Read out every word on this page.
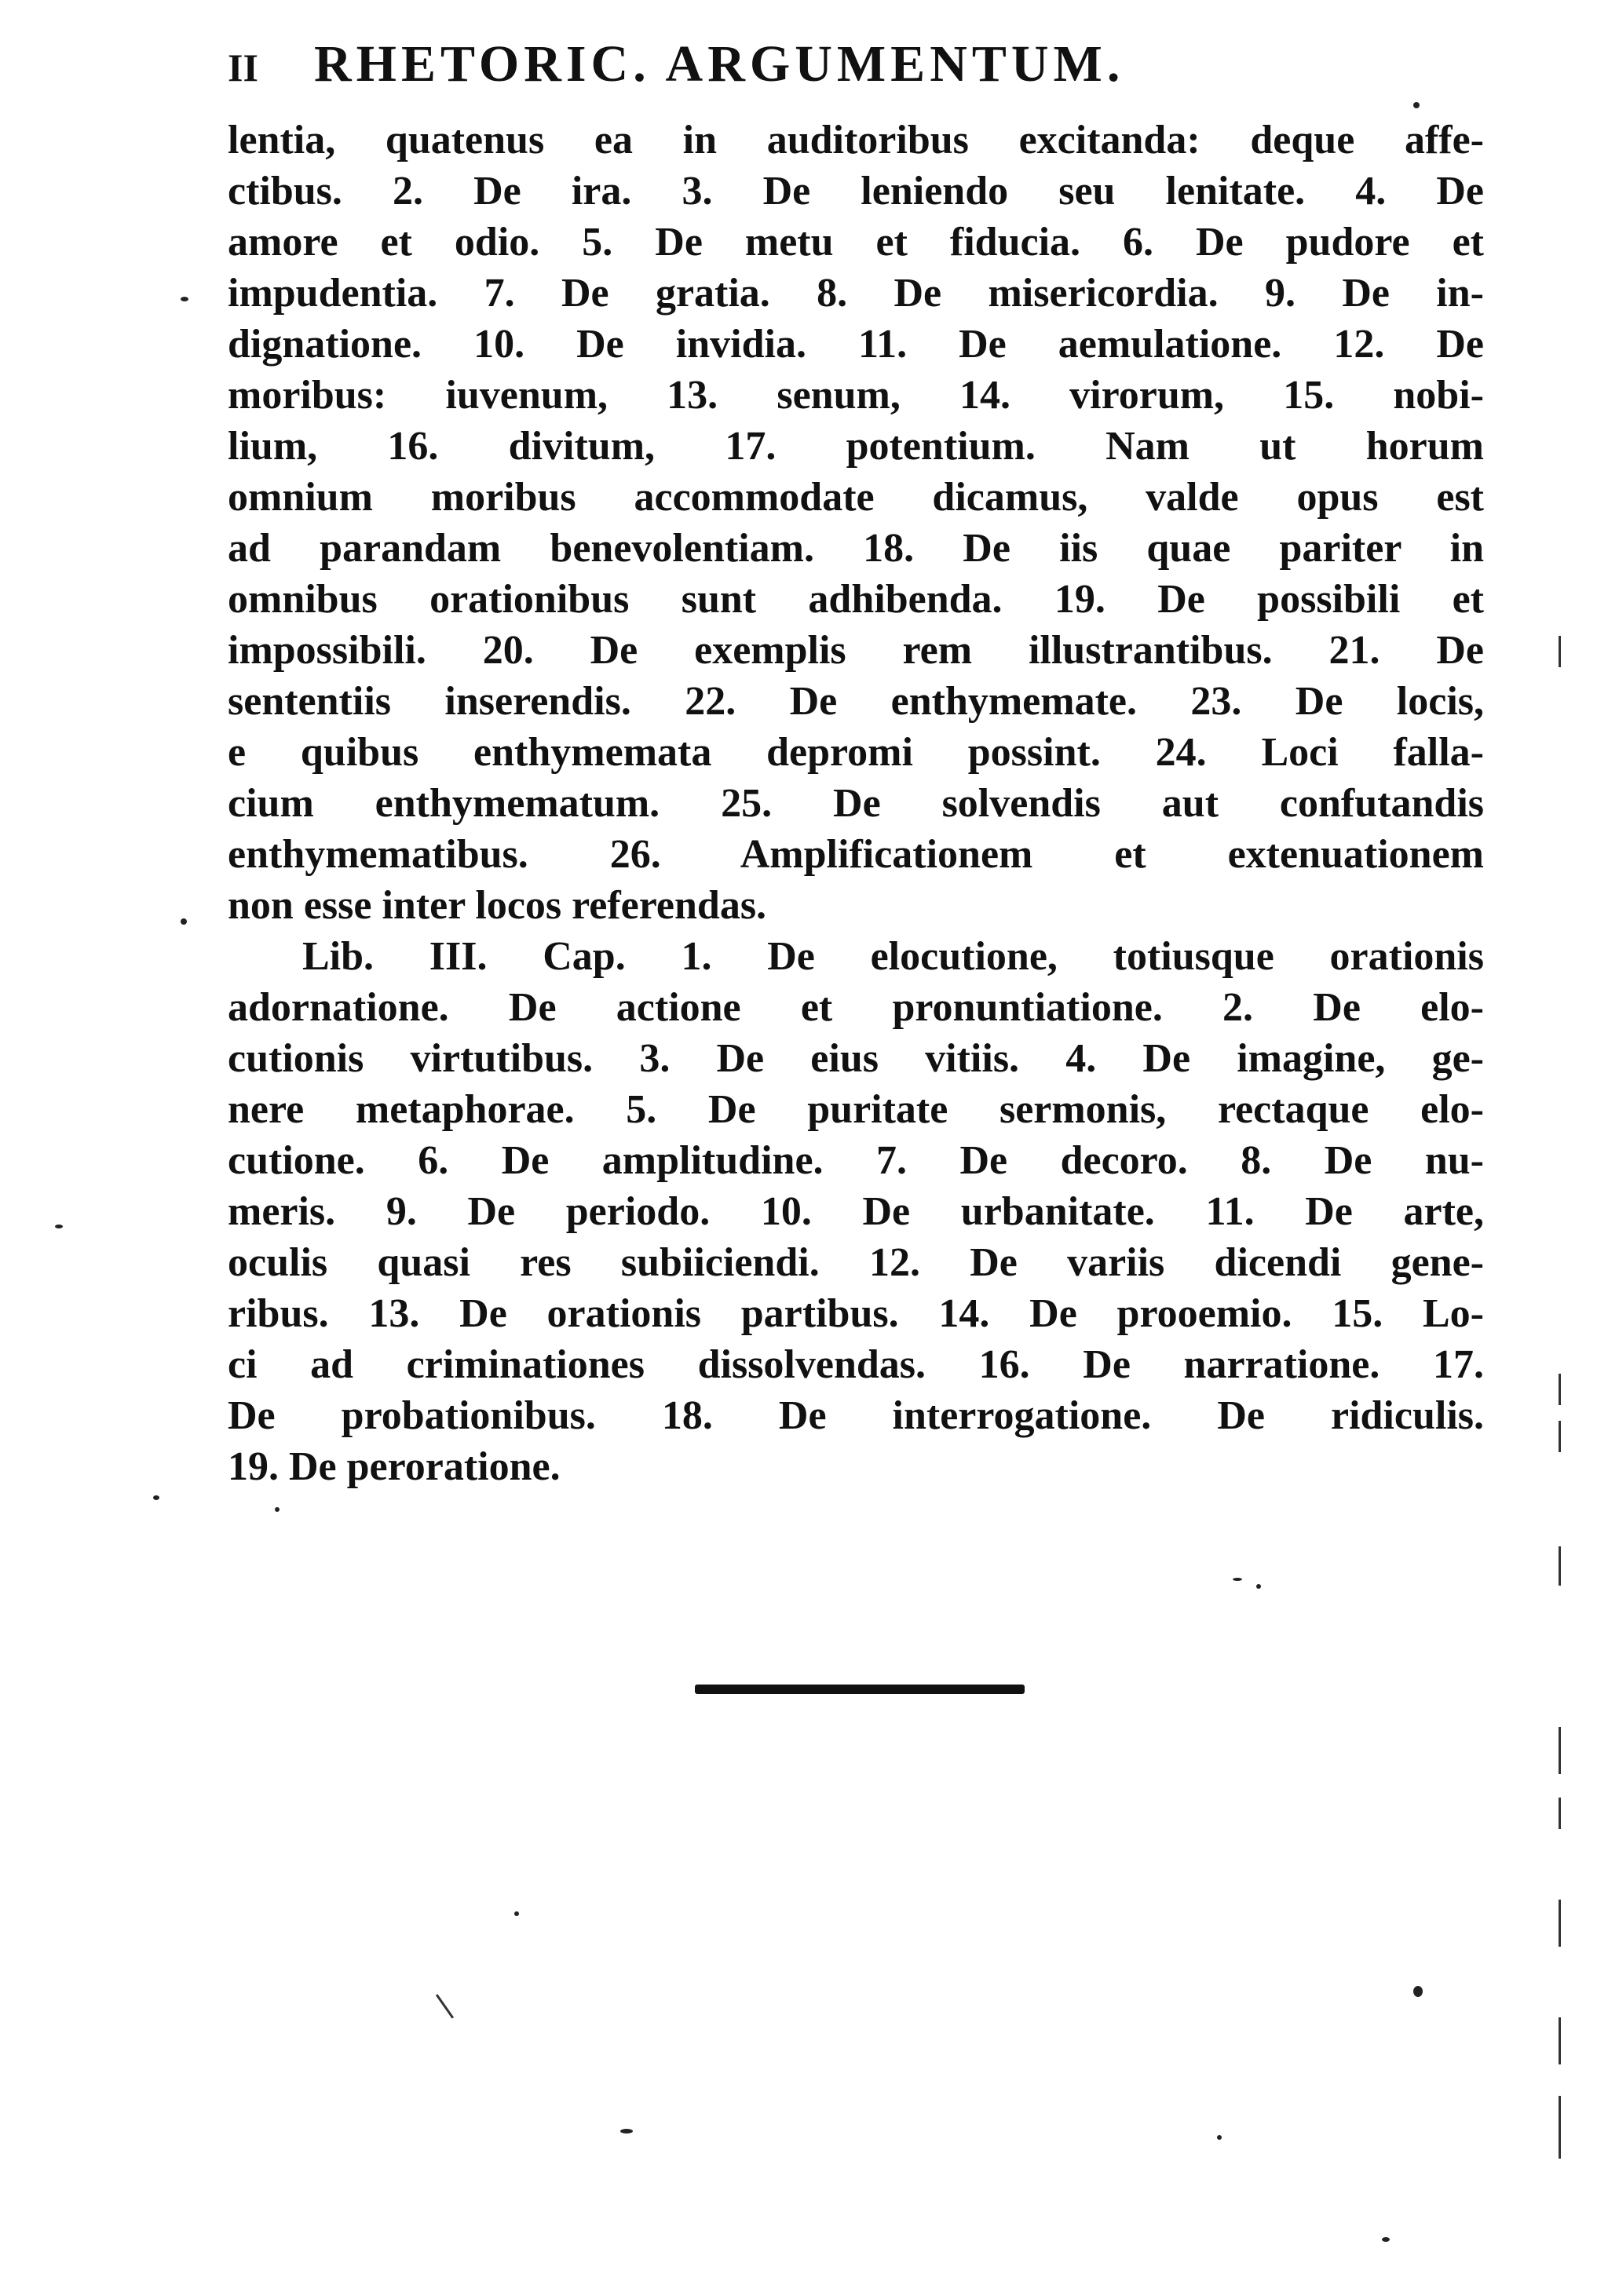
II	RHETORIC. ARGUMENTUM.
lentia, quatenus ea in auditoribus excitanda: deque affe-
ctibus. 2. De ira. 3. De leniendo seu lenitate. 4. De
amore et odio. 5. De metu et fiducia. 6. De pudore et
impudentia. 7. De gratia. 8. De misericordia. 9. De in-
dignatione. 10. De invidia. 11. De aemulatione. 12. De
moribus: iuvenum, 13. senum, 14. virorum, 15. nobi-
lium, 16. divitum, 17. potentium. Nam ut horum
omnium moribus accommodate dicamus, valde opus est
ad parandam benevolentiam. 18. De iis quae pariter in
omnibus orationibus sunt adhibenda. 19. De possibili et
impossibili. 20. De exemplis rem illustrantibus. 21. De
sententiis inserendis. 22. De enthymemate. 23. De locis,
e quibus enthymemata depromi possint. 24. Loci falla-
cium enthymematum. 25. De solvendis aut confutandis
enthymematibus. 26. Amplificationem et extenuationem
non esse inter locos referendas.
Lib. III. Cap. 1. De elocutione, totiusque orationis
adornatione. De actione et pronuntiatione. 2. De elo-
cutionis virtutibus. 3. De eius vitiis. 4. De imagine, ge-
nere metaphorae. 5. De puritate sermonis, rectaque elo-
cutione. 6. De amplitudine. 7. De decoro. 8. De nu-
meris. 9. De periodo. 10. De urbanitate. 11. De arte,
oculis quasi res subiiciendi. 12. De variis dicendi gene-
ribus. 13. De orationis partibus. 14. De prooemio. 15. Lo-
ci ad criminationes dissolvendas. 16. De narratione. 17.
De probationibus. 18. De interrogatione. De ridiculis.
19. De peroratione.
